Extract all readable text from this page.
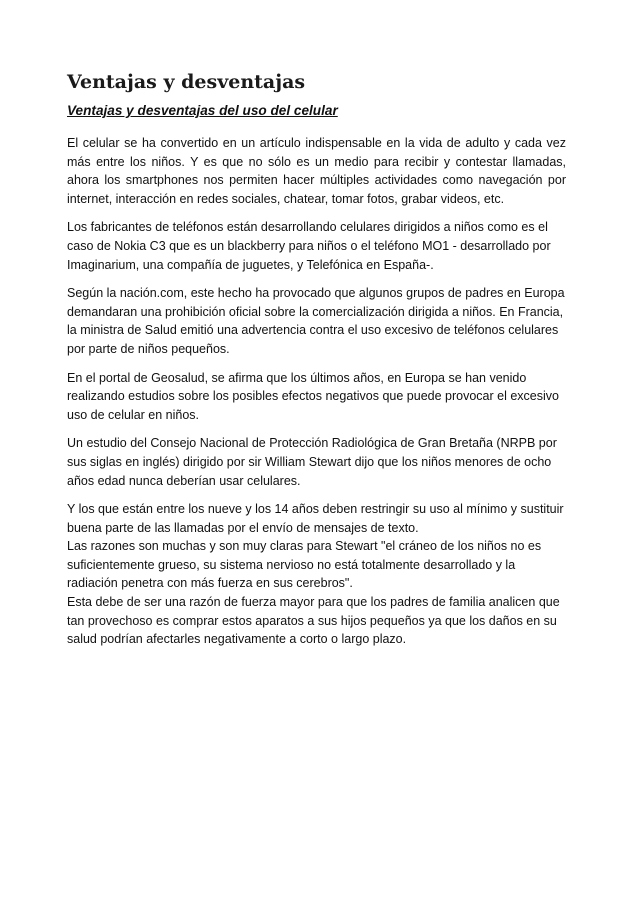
Ventajas y desventajas
Ventajas y desventajas del uso del celular

El celular se ha convertido en un artículo indispensable en la vida de adulto y cada vez más entre los niños. Y es que no sólo es un medio para recibir y contestar llamadas, ahora los smartphones nos permiten hacer múltiples actividades como navegación por internet, interacción en redes sociales, chatear, tomar fotos, grabar videos, etc.

Los fabricantes de teléfonos están desarrollando celulares dirigidos a niños como es el caso de Nokia C3 que es un blackberry para niños o el teléfono MO1 - desarrollado por Imaginarium, una compañía de juguetes, y Telefónica en España-.

Según la nación.com, este hecho ha provocado que algunos grupos de padres en Europa demandaran una prohibición oficial sobre la comercialización dirigida a niños. En Francia, la ministra de Salud emitió una advertencia contra el uso excesivo de teléfonos celulares por parte de niños pequeños.

En el portal de Geosalud, se afirma que los últimos años, en Europa se han venido realizando estudios sobre los posibles efectos negativos que puede provocar el excesivo uso de celular en niños.

Un estudio del Consejo Nacional de Protección Radiológica de Gran Bretaña (NRPB por sus siglas en inglés) dirigido por sir William Stewart dijo que los niños menores de ocho años edad nunca deberían usar celulares.

Y los que están entre los nueve y los 14 años deben restringir su uso al mínimo y sustituir buena parte de las llamadas por el envío de mensajes de texto.

Las razones son muchas y son muy claras para Stewart "el cráneo de los niños no es suficientemente grueso, su sistema nervioso no está totalmente desarrollado y la radiación penetra con más fuerza en sus cerebros".

Esta debe de ser una razón de fuerza mayor para que los padres de familia analicen que tan provechoso es comprar estos aparatos a sus hijos pequeños ya que los daños en su salud podrían afectarles negativamente a corto o largo plazo.
